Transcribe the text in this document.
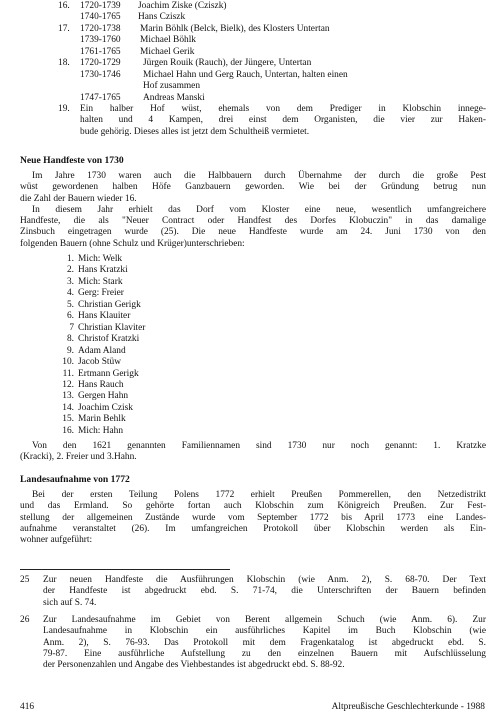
16. 1720-1739 Joachim Ziske (Cziszk)
1740-1765 Hans Cziszk
17. 1720-1738 Marin Böhlk (Belck, Bielk), des Klosters Untertan
1739-1760 Michael Böhlk
1761-1765 Michael Gerik
18. 1720-1729 Jürgen Rouik (Rauch), der Jüngere, Untertan
1730-1746 Michael Hahn und Gerg Rauch, Untertan, halten einen
Hof zusammen
1747-1765 Andreas Manski
19. Ein halber Hof wüst, ehemals von dem Prediger in Klobschin innege-
halten und 4 Kampen, drei einst dem Organisten, die vier zur Haken-
bude gehörig. Dieses alles ist jetzt dem Schultheiß vermietet.
Neue Handfeste von 1730
Im Jahre 1730 waren auch die Halbbauern durch Übernahme der durch die große Pest
wüst gewordenen halben Höfe Ganzbauern geworden. Wie bei der Gründung betrug nun
die Zahl der Bauern wieder 16.
In diesem Jahr erhielt das Dorf vom Kloster eine neue, wesentlich umfangreichere
Handfeste, die als "Neuer Contract oder Handfest des Dorfes Klobuczin" in das damalige
Zinsbuch eingetragen wurde (25). Die neue Handfeste wurde am 24. Juni 1730 von den
folgenden Bauern (ohne Schulz und Krüger)unterschrieben:
1. Mich: Welk
2. Hans Kratzki
3. Mich: Stark
4. Gerg: Freier
5. Christian Gerigk
6. Hans Klauiter
7 Christian Klaviter
8. Christof Kratzki
9. Adam Aland
10. Jacob Stüw
11. Ertmann Gerigk
12. Hans Rauch
13. Gergen Hahn
14. Joachim Czisk
15. Marin Behlk
16. Mich: Hahn
Von den 1621 genannten Familiennamen sind 1730 nur noch genannt: 1. Kratzke
(Kracki), 2. Freier und 3.Hahn.
Landesaufnahme von 1772
Bei der ersten Teilung Polens 1772 erhielt Preußen Pommerellen, den Netzedistrikt
und das Ermland. So gehörte fortan auch Klobschin zum Königreich Preußen. Zur Fest-
stellung der allgemeinen Zustände wurde vom September 1772 bis April 1773 eine Landes-
aufnahme veranstaltet (26). Im umfangreichen Protokoll über Klobschin werden als Ein-
wohner aufgeführt:
25 Zur neuen Handfeste die Ausführungen Klobschin (wie Anm. 2), S. 68-70. Der Text
der Handfeste ist abgedruckt ebd. S. 71-74, die Unterschriften der Bauern befinden
sich auf S. 74.
26 Zur Landesaufnahme im Gebiet von Berent allgemein Schuch (wie Anm. 6). Zur
Landesaufnahme in Klobschin ein ausführliches Kapitel im Buch Klobschin (wie
Anm. 2), S. 76-93. Das Protokoll mit dem Fragenkatalog ist abgedruckt ebd. S.
79-87. Eine ausführliche Aufstellung zu den einzelnen Bauern mit Aufschlüsselung
der Personenzahlen und Angabe des Viehbestandes ist abgedruckt ebd. S. 88-92.
416	Altpreußische Geschlechterkunde - 1988
